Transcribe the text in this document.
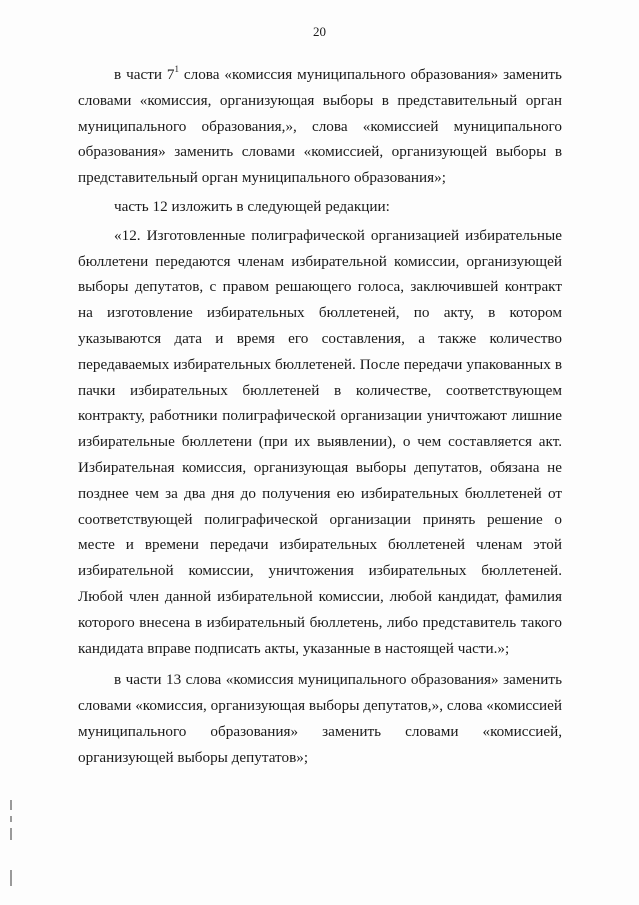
20

в части $7^1$ слова «комиссия муниципального образования» заменить словами «комиссия, организующая выборы в представительный орган муниципального образования,», слова «комиссией муниципального образования» заменить словами «комиссией, организующей выборы в представительный орган муниципального образования»;

часть 12 изложить в следующей редакции:

«12. Изготовленные полиграфической организацией избирательные бюллетени передаются членам избирательной комиссии, организующей выборы депутатов, с правом решающего голоса, заключившей контракт на изготовление избирательных бюллетеней, по акту, в котором указываются дата и время его составления, а также количество передаваемых избирательных бюллетеней. После передачи упакованных в пачки избирательных бюллетеней в количестве, соответствующем контракту, работники полиграфической организации уничтожают лишние избирательные бюллетени (при их выявлении), о чем составляется акт. Избирательная комиссия, организующая выборы депутатов, обязана не позднее чем за два дня до получения ею избирательных бюллетеней от соответствующей полиграфической организации принять решение о месте и времени передачи избирательных бюллетеней членам этой избирательной комиссии, уничтожения избирательных бюллетеней. Любой член данной избирательной комиссии, любой кандидат, фамилия которого внесена в избирательный бюллетень, либо представитель такого кандидата вправе подписать акты, указанные в настоящей части.»;

в части 13 слова «комиссия муниципального образования» заменить словами «комиссия, организующая выборы депутатов,», слова «комиссией муниципального образования» заменить словами «комиссией, организующей выборы депутатов»;
